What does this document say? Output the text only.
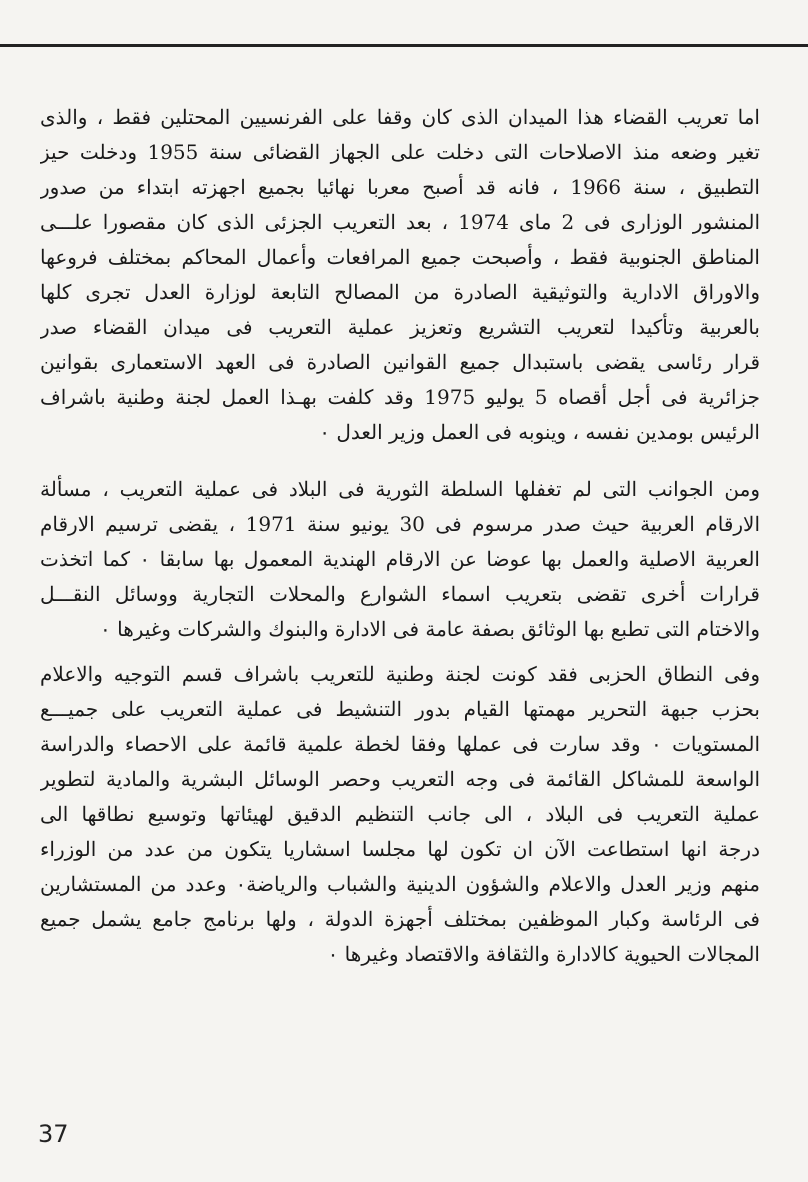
اما تعريب القضاء هذا الميدان الذى كان وقفا على الفرنسيين المحتلين فقط ، والذى
تغير وضعه منذ الاصلاحات التى دخلت على الجهاز القضائى سنة 1955 ودخلت حيز
التطبيق ، سنة 1966 ، فانه قد أصبح معربا نهائيا بجميع اجهزته ابتداء من صدور
المنشور الوزارى فى 2 ماى 1974 ، بعد التعريب الجزئى الذى كان مقصورا علـــى
المناطق الجنوبية فقط ، وأصبحت جميع المرافعات وأعمال المحاكم بمختلف فروعها
والاوراق الادارية والتوثيقية الصادرة من المصالح التابعة لوزارة العدل تجرى كلها
بالعربية وتأكيدا لتعريب التشريع وتعزيز عملية التعريب فى ميدان القضاء صدر
قرار رئاسى يقضى باستبدال جميع القوانين الصادرة فى العهد الاستعمارى بقوانين
جزائرية فى أجل أقصاه 5 يوليو 1975 وقد كلفت بهـذا العمل لجنة وطنية باشراف
الرئيس بومدين نفسه ، وينوبه فى العمل وزير العدل ٠
ومن الجوانب التى لم تغفلها السلطة الثورية فى البلاد فى عملية التعريب ، مسألة
الارقام العربية حيث صدر مرسوم فى 30 يونيو سنة 1971 ، يقضى ترسيم الارقام
العربية الاصلية والعمل بها عوضا عن الارقام الهندية المعمول بها سابقا ٠ كما اتخذت
قرارات أخرى تقضى بتعريب اسماء الشوارع والمحلات التجارية ووسائل النقـــل
والاختام التى تطبع بها الوثائق بصفة عامة فى الادارة والبنوك والشركات وغيرها ٠
وفى النطاق الحزبى فقد كونت لجنة وطنية للتعريب باشراف قسم التوجيه والاعلام
بحزب جبهة التحرير مهمتها القيام بدور التنشيط فى عملية التعريب على جميـــع
المستويات ٠ وقد سارت فى عملها وفقا لخطة علمية قائمة على الاحصاء والدراسة
الواسعة للمشاكل القائمة فى وجه التعريب وحصر الوسائل البشرية والمادية لتطوير
عملية التعريب فى البلاد ، الى جانب التنظيم الدقيق لهيئاتها وتوسيع نطاقها الى
درجة انها استطاعت الآن ان تكون لها مجلسا اسشاريا يتكون من عدد من الوزراء
منهم وزير العدل والاعلام والشؤون الدينية والشباب والرياضة٠ وعدد من المستشارين
فى الرئاسة وكبار الموظفين بمختلف أجهزة الدولة ، ولها برنامج جامع يشمل جميع
المجالات الحيوية كالادارة والثقافة والاقتصاد وغيرها ٠
37
